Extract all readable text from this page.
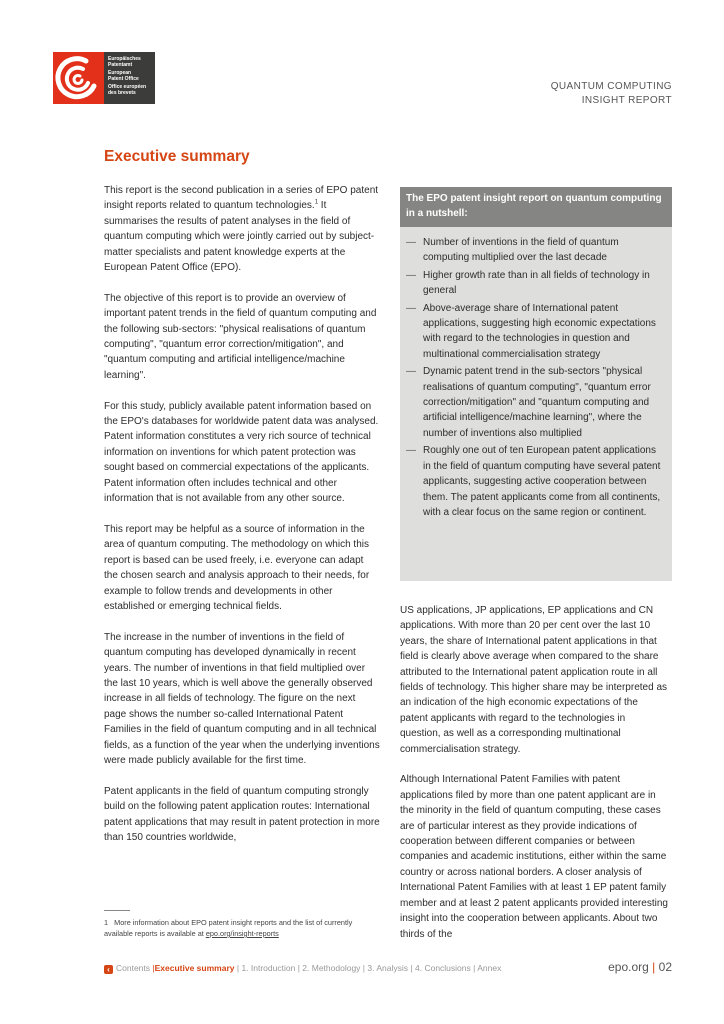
Europäisches
Patentamt
European
Patent Office
Office européen
des brevets
QUANTUM COMPUTING
INSIGHT REPORT
Executive summary

This report is the second publication in a series of EPO patent insight reports related to quantum technologies.$^1$ It summarises the results of patent analyses in the field of quantum computing which were jointly carried out by subject-matter specialists and patent knowledge experts at the European Patent Office (EPO).

The objective of this report is to provide an overview of important patent trends in the field of quantum computing and the following sub-sectors: "physical realisations of quantum computing", "quantum error correction/mitigation", and "quantum computing and artificial intelligence/machine learning".

For this study, publicly available patent information based on the EPO's databases for worldwide patent data was analysed. Patent information constitutes a very rich source of technical information on inventions for which patent protection was sought based on commercial expectations of the applicants. Patent information often includes technical and other information that is not available from any other source.

This report may be helpful as a source of information in the area of quantum computing. The methodology on which this report is based can be used freely, i.e. everyone can adapt the chosen search and analysis approach to their needs, for example to follow trends and developments in other established or emerging technical fields.

The increase in the number of inventions in the field of quantum computing has developed dynamically in recent years. The number of inventions in that field multiplied over the last 10 years, which is well above the generally observed increase in all fields of technology. The figure on the next page shows the number so-called International Patent Families in the field of quantum computing and in all technical fields, as a function of the year when the underlying inventions were made publicly available for the first time.

Patent applicants in the field of quantum computing strongly build on the following patent application routes: International patent applications that may result in patent protection in more than 150 countries worldwide,

The EPO patent insight report on quantum computing in a nutshell:
— Number of inventions in the field of quantum computing multiplied over the last decade
— Higher growth rate than in all fields of technology in general
— Above-average share of International patent applications, suggesting high economic expectations with regard to the technologies in question and multinational commercialisation strategy
— Dynamic patent trend in the sub-sectors "physical realisations of quantum computing", "quantum error correction/mitigation" and "quantum computing and artificial intelligence/machine learning", where the number of inventions also multiplied
— Roughly one out of ten European patent applications in the field of quantum computing have several patent applicants, suggesting active cooperation between them. The patent applicants come from all continents, with a clear focus on the same region or continent.

US applications, JP applications, EP applications and CN applications. With more than 20 per cent over the last 10 years, the share of International patent applications in that field is clearly above average when compared to the share attributed to the International patent application route in all fields of technology. This higher share may be interpreted as an indication of the high economic expectations of the patent applicants with regard to the technologies in question, as well as a corresponding multinational commercialisation strategy.

Although International Patent Families with patent applications filed by more than one patent applicant are in the minority in the field of quantum computing, these cases are of particular interest as they provide indications of cooperation between different companies or between companies and academic institutions, either within the same country or across national borders. A closer analysis of International Patent Families with at least 1 EP patent family member and at least 2 patent applicants provided interesting insight into the cooperation between applicants. About two thirds of the

1 More information about EPO patent insight reports and the list of currently available reports is available at epo.org/insight-reports
‹ Contents |Executive summary | 1. Introduction | 2. Methodology | 3. Analysis | 4. Conclusions | Annex	epo.org | 02
